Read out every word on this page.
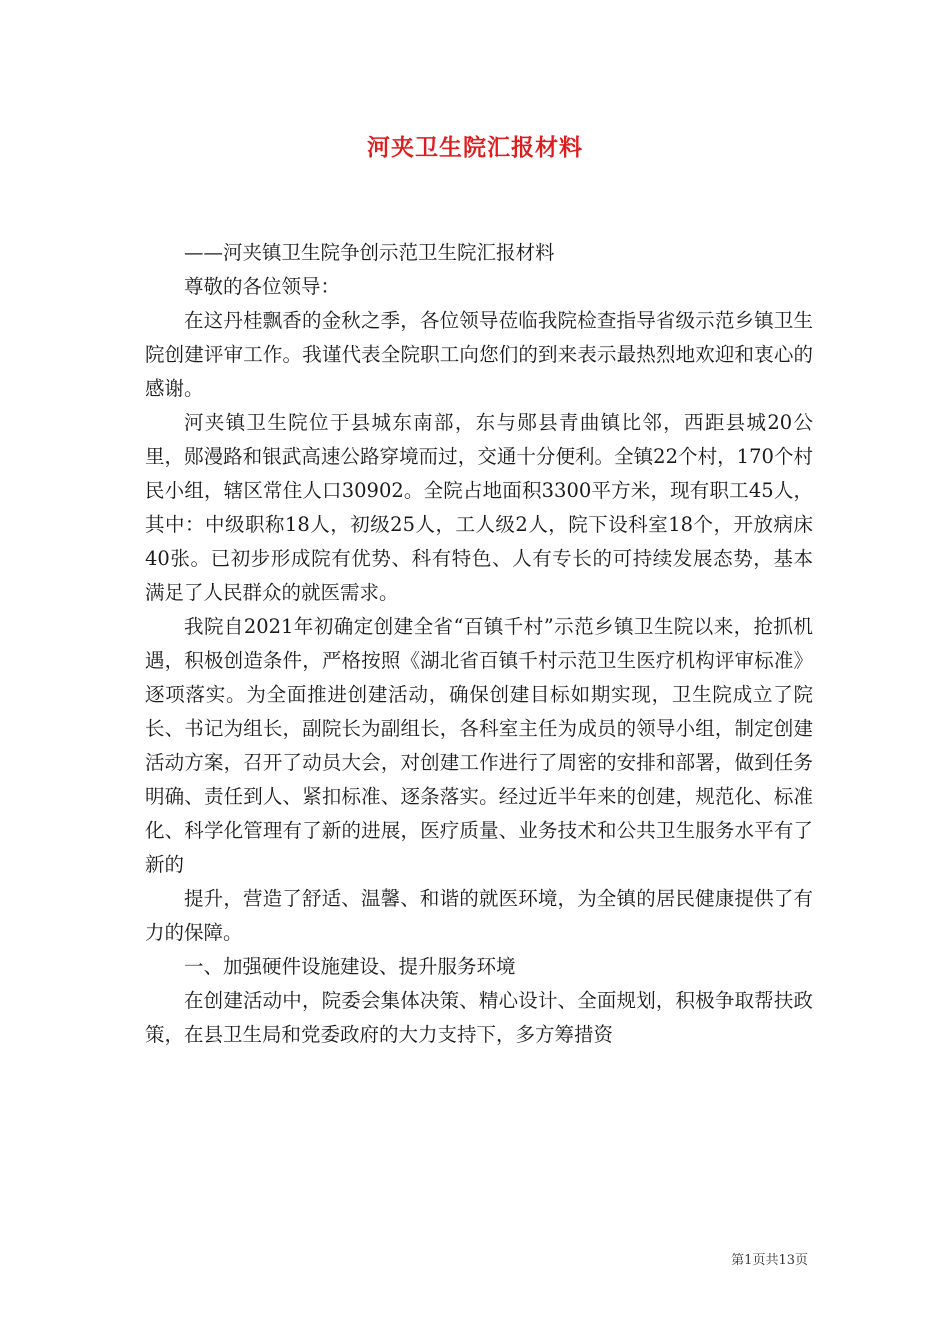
河夹卫生院汇报材料

——河夹镇卫生院争创示范卫生院汇报材料

尊敬的各位领导：

在这丹桂飘香的金秋之季，各位领导莅临我院检查指导省级示范乡镇卫生院创建评审工作。我谨代表全院职工向您们的到来表示最热烈地欢迎和衷心的感谢。

河夹镇卫生院位于县城东南部，东与郧县青曲镇比邻，西距县城20公里，郧漫路和银武高速公路穿境而过，交通十分便利。全镇22个村，170个村民小组，辖区常住人口30902。全院占地面积3300平方米，现有职工45人，其中：中级职称18人，初级25人，工人级2人，院下设科室18个，开放病床40张。已初步形成院有优势、科有特色、人有专长的可持续发展态势，基本满足了人民群众的就医需求。

我院自2021年初确定创建全省“百镇千村”示范乡镇卫生院以来，抢抓机遇，积极创造条件，严格按照《湖北省百镇千村示范卫生医疗机构评审标准》逐项落实。为全面推进创建活动，确保创建目标如期实现，卫生院成立了院长、书记为组长，副院长为副组长，各科室主任为成员的领导小组，制定创建活动方案，召开了动员大会，对创建工作进行了周密的安排和部署，做到任务明确、责任到人、紧扣标准、逐条落实。经过近半年来的创建，规范化、标准化、科学化管理有了新的进展，医疗质量、业务技术和公共卫生服务水平有了新的

提升，营造了舒适、温馨、和谐的就医环境，为全镇的居民健康提供了有力的保障。

一、加强硬件设施建设、提升服务环境

在创建活动中，院委会集体决策、精心设计、全面规划，积极争取帮扶政策，在县卫生局和党委政府的大力支持下，多方筹措资

第1页共13页
